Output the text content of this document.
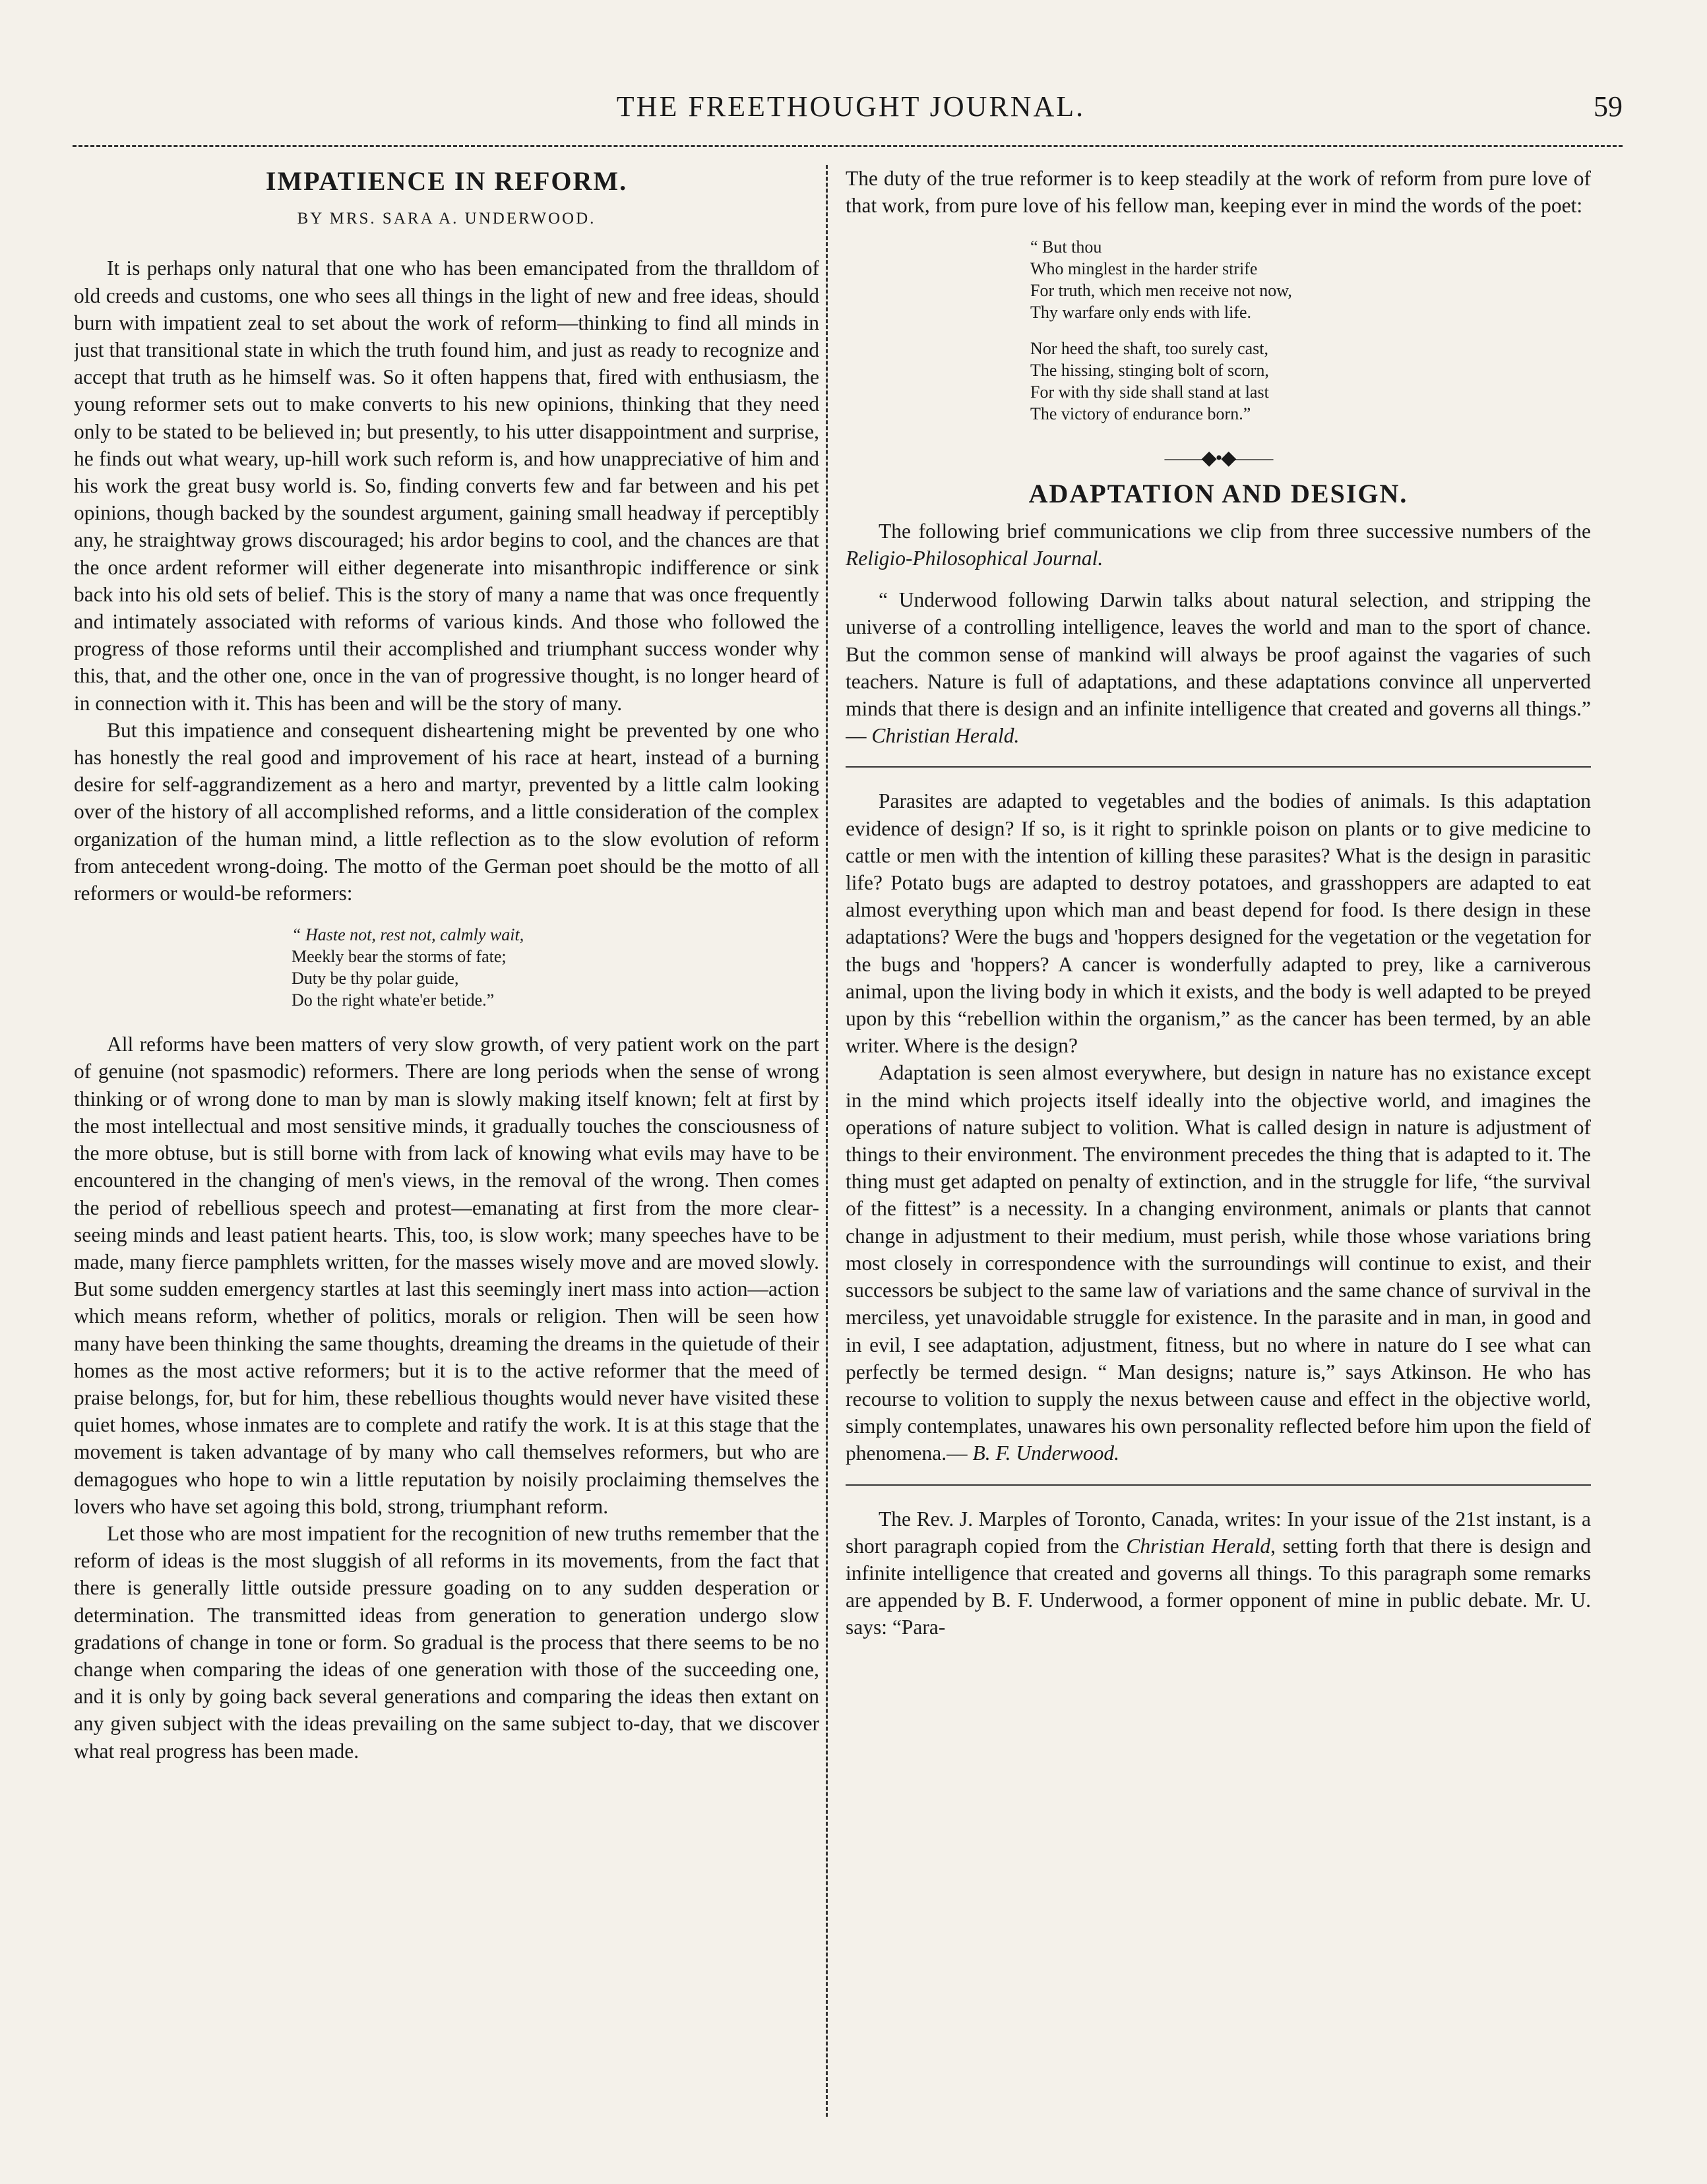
THE FREETHOUGHT JOURNAL.	59
IMPATIENCE IN REFORM.
BY MRS. SARA A. UNDERWOOD.

It is perhaps only natural that one who has been emancipated from the thralldom of old creeds and customs, one who sees all things in the light of new and free ideas, should burn with impatient zeal to set about the work of reform—thinking to find all minds in just that transitional state in which the truth found him, and just as ready to recognize and accept that truth as he himself was. So it often happens that, fired with enthusiasm, the young reformer sets out to make converts to his new opinions, thinking that they need only to be stated to be believed in; but presently, to his utter disappointment and surprise, he finds out what weary, up-hill work such reform is, and how unappreciative of him and his work the great busy world is. So, finding converts few and far between and his pet opinions, though backed by the soundest argument, gaining small headway if perceptibly any, he straightway grows discouraged; his ardor begins to cool, and the chances are that the once ardent reformer will either degenerate into misanthropic indifference or sink back into his old sets of belief. This is the story of many a name that was once frequently and intimately associated with reforms of various kinds. And those who followed the progress of those reforms until their accomplished and triumphant success wonder why this, that, and the other one, once in the van of progressive thought, is no longer heard of in connection with it. This has been and will be the story of many.

But this impatience and consequent disheartening might be prevented by one who has honestly the real good and improvement of his race at heart, instead of a burning desire for self-aggrandizement as a hero and martyr, prevented by a little calm looking over of the history of all accomplished reforms, and a little consideration of the complex organization of the human mind, a little reflection as to the slow evolution of reform from antecedent wrong-doing. The motto of the German poet should be the motto of all reformers or would-be reformers:

“ Haste not, rest not, calmly wait,
Meekly bear the storms of fate;
Duty be thy polar guide,
Do the right whate'er betide.”

All reforms have been matters of very slow growth, of very patient work on the part of genuine (not spasmodic) reformers. There are long periods when the sense of wrong thinking or of wrong done to man by man is slowly making itself known; felt at first by the most intellectual and most sensitive minds, it gradually touches the consciousness of the more obtuse, but is still borne with from lack of knowing what evils may have to be encountered in the changing of men's views, in the removal of the wrong. Then comes the period of rebellious speech and protest—emanating at first from the more clear-seeing minds and least patient hearts. This, too, is slow work; many speeches have to be made, many fierce pamphlets written, for the masses wisely move and are moved slowly. But some sudden emergency startles at last this seemingly inert mass into action—action which means reform, whether of politics, morals or religion. Then will be seen how many have been thinking the same thoughts, dreaming the dreams in the quietude of their homes as the most active reformers; but it is to the active reformer that the meed of praise belongs, for, but for him, these rebellious thoughts would never have visited these quiet homes, whose inmates are to complete and ratify the work. It is at this stage that the movement is taken advantage of by many who call themselves reformers, but who are demagogues who hope to win a little reputation by noisily proclaiming themselves the lovers who have set agoing this bold, strong, triumphant reform.

Let those who are most impatient for the recognition of new truths remember that the reform of ideas is the most sluggish of all reforms in its movements, from the fact that there is generally little outside pressure goading on to any sudden desperation or determination. The transmitted ideas from generation to generation undergo slow gradations of change in tone or form. So gradual is the process that there seems to be no change when comparing the ideas of one generation with those of the succeeding one, and it is only by going back several generations and comparing the ideas then extant on any given subject with the ideas prevailing on the same subject to-day, that we discover what real progress has been made.

The duty of the true reformer is to keep steadily at the work of reform from pure love of that work, from pure love of his fellow man, keeping ever in mind the words of the poet:

“ But thou
Who minglest in the harder strife
For truth, which men receive not now,
Thy warfare only ends with life.
Nor heed the shaft, too surely cast,
The hissing, stinging bolt of scorn,
For with thy side shall stand at last
The victory of endurance born.”
——◆•◆——
ADAPTATION AND DESIGN.

The following brief communications we clip from three successive numbers of the Religio-Philosophical Journal.

“ Underwood following Darwin talks about natural selection, and stripping the universe of a controlling intelligence, leaves the world and man to the sport of chance. But the common sense of mankind will always be proof against the vagaries of such teachers. Nature is full of adaptations, and these adaptations convince all unperverted minds that there is design and an infinite intelligence that created and governs all things.” — Christian Herald.

Parasites are adapted to vegetables and the bodies of animals. Is this adaptation evidence of design? If so, is it right to sprinkle poison on plants or to give medicine to cattle or men with the intention of killing these parasites? What is the design in parasitic life? Potato bugs are adapted to destroy potatoes, and grasshoppers are adapted to eat almost everything upon which man and beast depend for food. Is there design in these adaptations? Were the bugs and 'hoppers designed for the vegetation or the vegetation for the bugs and 'hoppers? A cancer is wonderfully adapted to prey, like a carniverous animal, upon the living body in which it exists, and the body is well adapted to be preyed upon by this “rebellion within the organism,” as the cancer has been termed, by an able writer. Where is the design?

Adaptation is seen almost everywhere, but design in nature has no existance except in the mind which projects itself ideally into the objective world, and imagines the operations of nature subject to volition. What is called design in nature is adjustment of things to their environment. The environment precedes the thing that is adapted to it. The thing must get adapted on penalty of extinction, and in the struggle for life, “the survival of the fittest” is a necessity. In a changing environment, animals or plants that cannot change in adjustment to their medium, must perish, while those whose variations bring most closely in correspondence with the surroundings will continue to exist, and their successors be subject to the same law of variations and the same chance of survival in the merciless, yet unavoidable struggle for existence. In the parasite and in man, in good and in evil, I see adaptation, adjustment, fitness, but no where in nature do I see what can perfectly be termed design. “ Man designs; nature is,” says Atkinson. He who has recourse to volition to supply the nexus between cause and effect in the objective world, simply contemplates, unawares his own personality reflected before him upon the field of phenomena.— B. F. Underwood.

The Rev. J. Marples of Toronto, Canada, writes: In your issue of the 21st instant, is a short paragraph copied from the Christian Herald, setting forth that there is design and infinite intelligence that created and governs all things. To this paragraph some remarks are appended by B. F. Underwood, a former opponent of mine in public debate. Mr. U. says: “Para-
